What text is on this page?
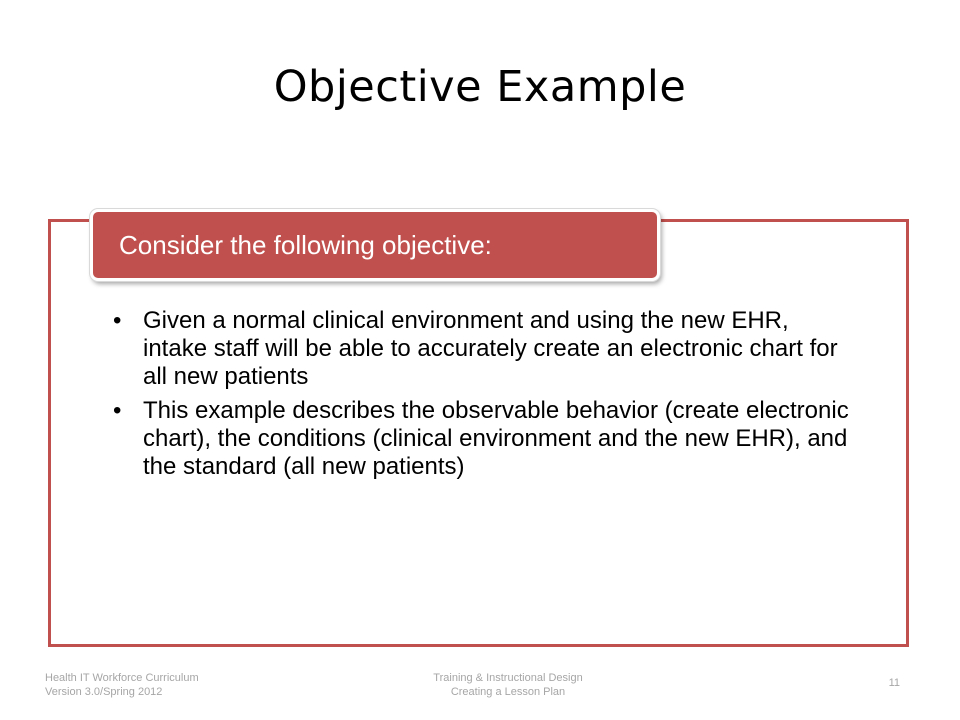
Objective Example
Consider the following objective:
• Given a normal clinical environment and using the new EHR, intake staff will be able to accurately create an electronic chart for all new patients
• This example describes the observable behavior (create electronic chart), the conditions (clinical environment and the new EHR), and the standard (all new patients)
Health IT Workforce Curriculum
Version 3.0/Spring 2012
Training & Instructional Design
Creating a Lesson Plan
11
